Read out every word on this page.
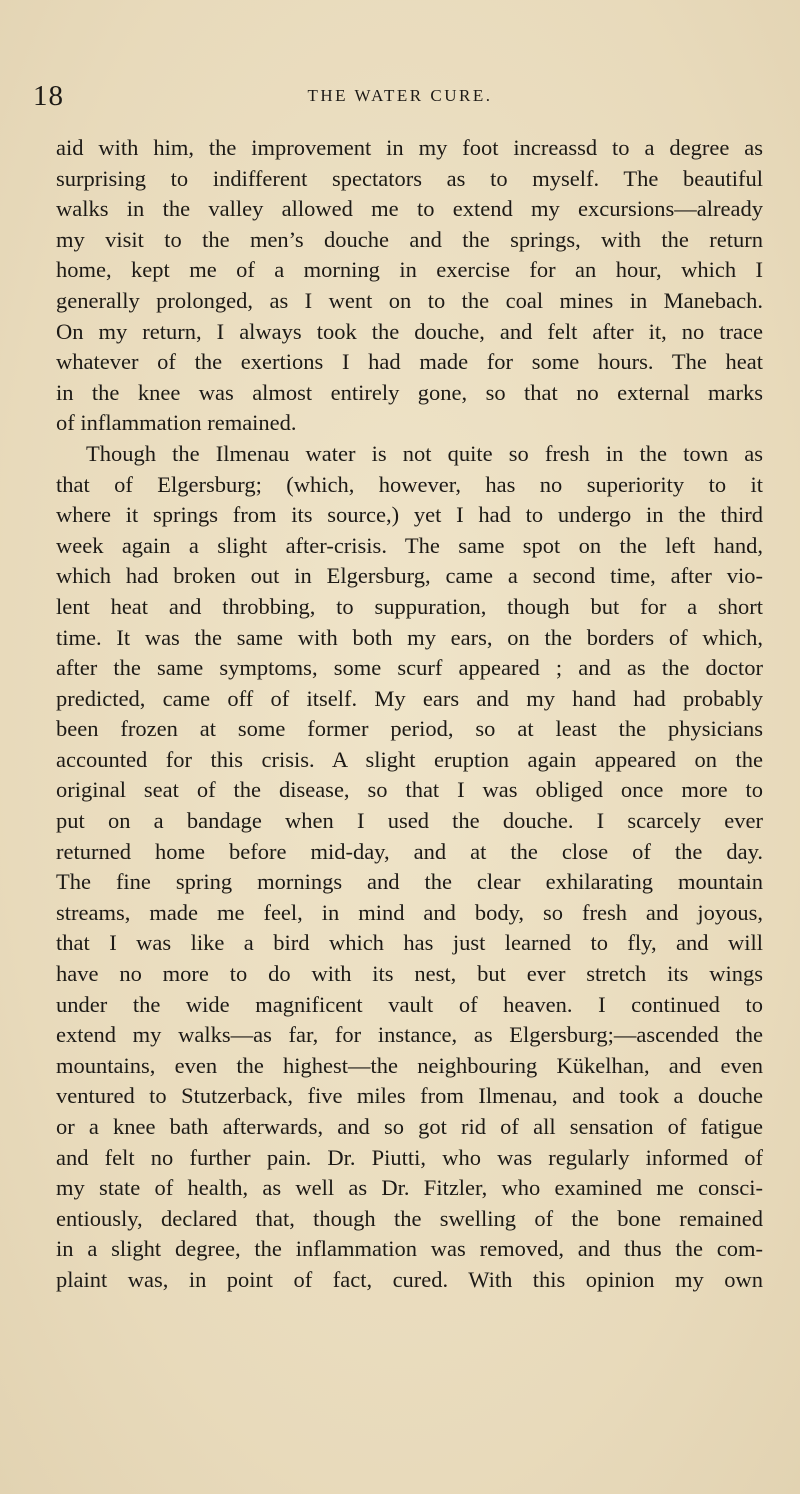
18	THE WATER CURE.
aid with him, the improvement in my foot increassd to a degree as
surprising to indifferent spectators as to myself. The beautiful
walks in the valley allowed me to extend my excursions—already
my visit to the men’s douche and the springs, with the return
home, kept me of a morning in exercise for an hour, which I
generally prolonged, as I went on to the coal mines in Manebach.
On my return, I always took the douche, and felt after it, no trace
whatever of the exertions I had made for some hours. The heat
in the knee was almost entirely gone, so that no external marks
of inflammation remained.
Though the Ilmenau water is not quite so fresh in the town as
that of Elgersburg; (which, however, has no superiority to it
where it springs from its source,) yet I had to undergo in the third
week again a slight after-crisis. The same spot on the left hand,
which had broken out in Elgersburg, came a second time, after vio-
lent heat and throbbing, to suppuration, though but for a short
time. It was the same with both my ears, on the borders of which,
after the same symptoms, some scurf appeared ; and as the doctor
predicted, came off of itself. My ears and my hand had probably
been frozen at some former period, so at least the physicians
accounted for this crisis. A slight eruption again appeared on the
original seat of the disease, so that I was obliged once more to
put on a bandage when I used the douche. I scarcely ever
returned home before mid-day, and at the close of the day.
The fine spring mornings and the clear exhilarating mountain
streams, made me feel, in mind and body, so fresh and joyous,
that I was like a bird which has just learned to fly, and will
have no more to do with its nest, but ever stretch its wings
under the wide magnificent vault of heaven. I continued to
extend my walks—as far, for instance, as Elgersburg;—ascended the
mountains, even the highest—the neighbouring Kükelhan, and even
ventured to Stutzerback, five miles from Ilmenau, and took a douche
or a knee bath afterwards, and so got rid of all sensation of fatigue
and felt no further pain. Dr. Piutti, who was regularly informed of
my state of health, as well as Dr. Fitzler, who examined me consci-
entiously, declared that, though the swelling of the bone remained
in a slight degree, the inflammation was removed, and thus the com-
plaint was, in point of fact, cured. With this opinion my own
